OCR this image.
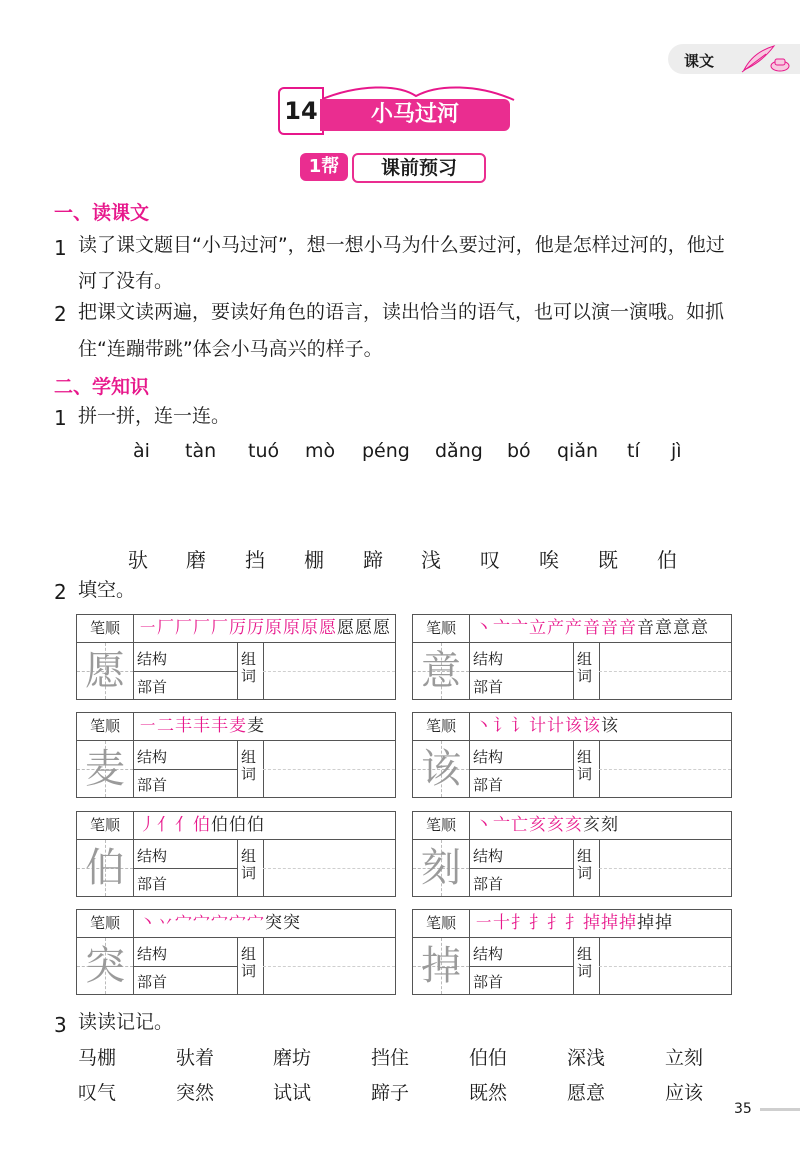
课文
14	小马过河
1帮	课前预习
一、读课文
1 读了课文题目“小马过河”，想一想小马为什么要过河，他是怎样过河的，他过
河了没有。
2 把课文读两遍，要读好角色的语言，读出恰当的语气，也可以演一演哦。如抓
住“连蹦带跳”体会小马高兴的样子。
二、学知识
1 拼一拼，连一连。
ài tàn tuó mò péng dǎng bó qiǎn tí jì
驮 磨 挡 棚 蹄 浅 叹 唉 既 伯
2 填空。
笔顺	㇐厂厂厂厂厉厉原原原愿愿愿愿
愿 结构
部首
组
词
笔顺	丶亠亠立产产音音音音意意意
意 结构
部首
组
词
笔顺	㇐二丰丰丰麦麦
麦 结构
部首
组
词
笔顺	丶讠讠计计该该该
该 结构
部首
组
词
笔顺	丿亻亻伯伯伯伯
伯 结构
部首
组
词
笔顺	丶亠亡亥亥亥亥刻
刻 结构
部首
组
词
笔顺	丶丷宀宀宀宀宀突突
突 结构
部首
组
词
笔顺	㇐十扌扌扌扌掉掉掉掉掉
掉 结构
部首
组
词
3 读读记记。
马棚	驮着	磨坊	挡住	伯伯	深浅	立刻
叹气	突然	试试	蹄子	既然	愿意	应该
35
